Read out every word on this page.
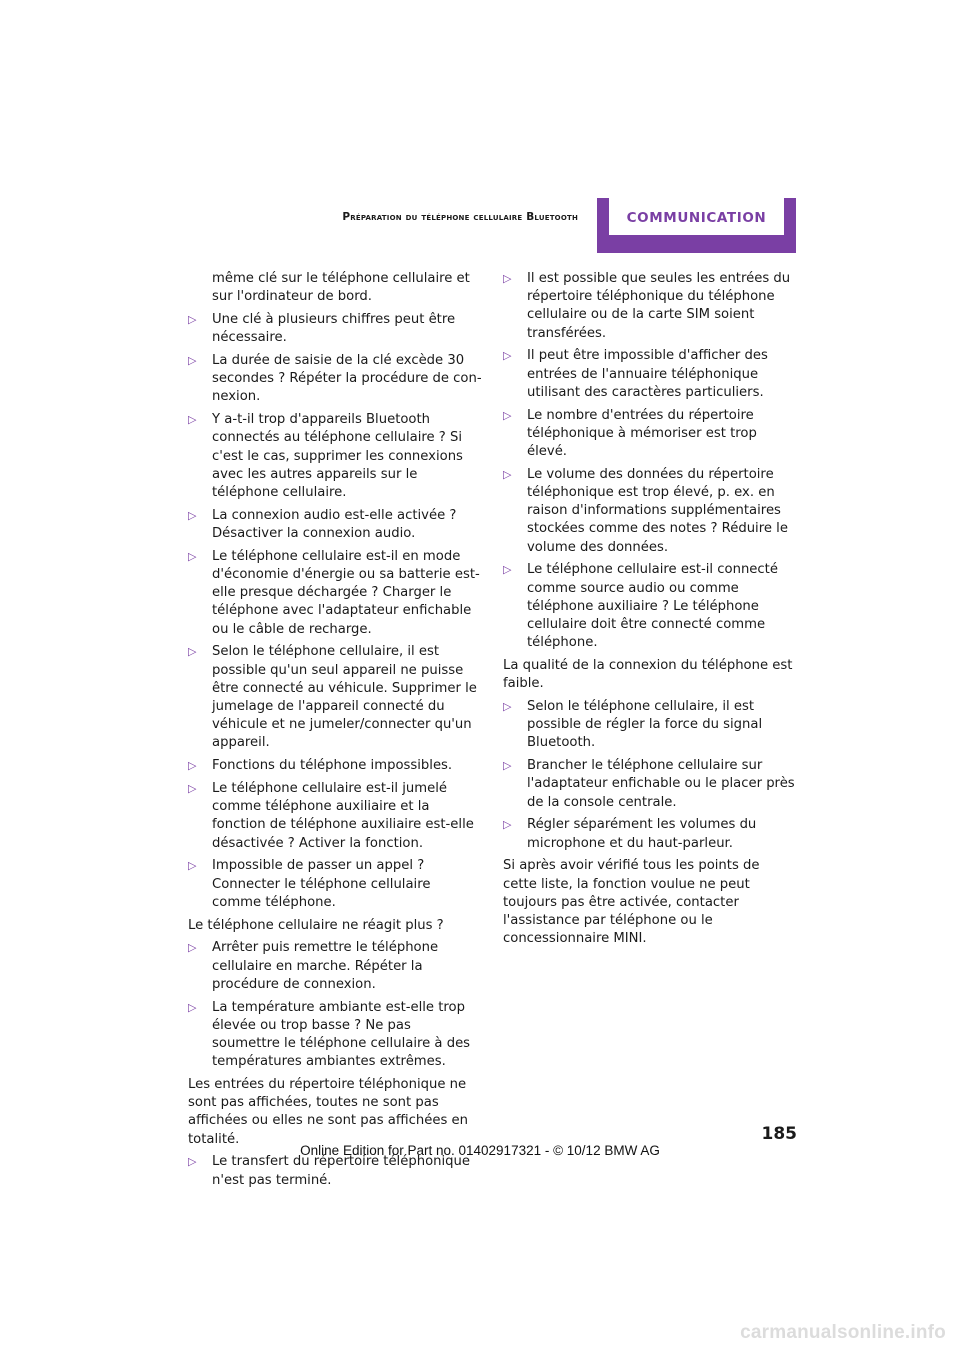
Préparation du téléphone cellulaire Bluetooth	COMMUNICATION

même clé sur le téléphone cellulaire et sur l'ordinateur de bord.

▷ Une clé à plusieurs chiffres peut être nécessaire.
▷ La durée de saisie de la clé excède 30 secondes ? Répéter la procédure de connexion.
▷ Y a-t-il trop d'appareils Bluetooth connectés au téléphone cellulaire ? Si c'est le cas, supprimer les connexions avec les autres appareils sur le téléphone cellulaire.
▷ La connexion audio est-elle activée ? Désactiver la connexion audio.
▷ Le téléphone cellulaire est-il en mode d'économie d'énergie ou sa batterie est-elle presque déchargée ? Charger le téléphone avec l'adaptateur enfichable ou le câble de recharge.
▷ Selon le téléphone cellulaire, il est possible qu'un seul appareil ne puisse être connecté au véhicule. Supprimer le jumelage de l'appareil connecté du véhicule et ne jumeler/connecter qu'un appareil.
▷ Fonctions du téléphone impossibles.
▷ Le téléphone cellulaire est-il jumelé comme téléphone auxiliaire et la fonction de téléphone auxiliaire est-elle désactivée ? Activer la fonction.
▷ Impossible de passer un appel ? Connecter le téléphone cellulaire comme téléphone.

Le téléphone cellulaire ne réagit plus ?

▷ Arrêter puis remettre le téléphone cellulaire en marche. Répéter la procédure de connexion.
▷ La température ambiante est-elle trop élevée ou trop basse ? Ne pas soumettre le téléphone cellulaire à des températures ambiantes extrêmes.

Les entrées du répertoire téléphonique ne sont pas affichées, toutes ne sont pas affichées ou elles ne sont pas affichées en totalité.

▷ Le transfert du répertoire téléphonique n'est pas terminé.
▷ Il est possible que seules les entrées du répertoire téléphonique du téléphone cellulaire ou de la carte SIM soient transférées.
▷ Il peut être impossible d'afficher des entrées de l'annuaire téléphonique utilisant des caractères particuliers.
▷ Le nombre d'entrées du répertoire téléphonique à mémoriser est trop élevé.
▷ Le volume des données du répertoire téléphonique est trop élevé, p. ex. en raison d'informations supplémentaires stockées comme des notes ? Réduire le volume des données.
▷ Le téléphone cellulaire est-il connecté comme source audio ou comme téléphone auxiliaire ? Le téléphone cellulaire doit être connecté comme téléphone.

La qualité de la connexion du téléphone est faible.

▷ Selon le téléphone cellulaire, il est possible de régler la force du signal Bluetooth.
▷ Brancher le téléphone cellulaire sur l'adaptateur enfichable ou le placer près de la console centrale.
▷ Régler séparément les volumes du microphone et du haut-parleur.

Si après avoir vérifié tous les points de cette liste, la fonction voulue ne peut toujours pas être activée, contacter l'assistance par téléphone ou le concessionnaire MINI.

185
Online Edition for Part no. 01402917321 - © 10/12 BMW AG
carmanualsonline.info
